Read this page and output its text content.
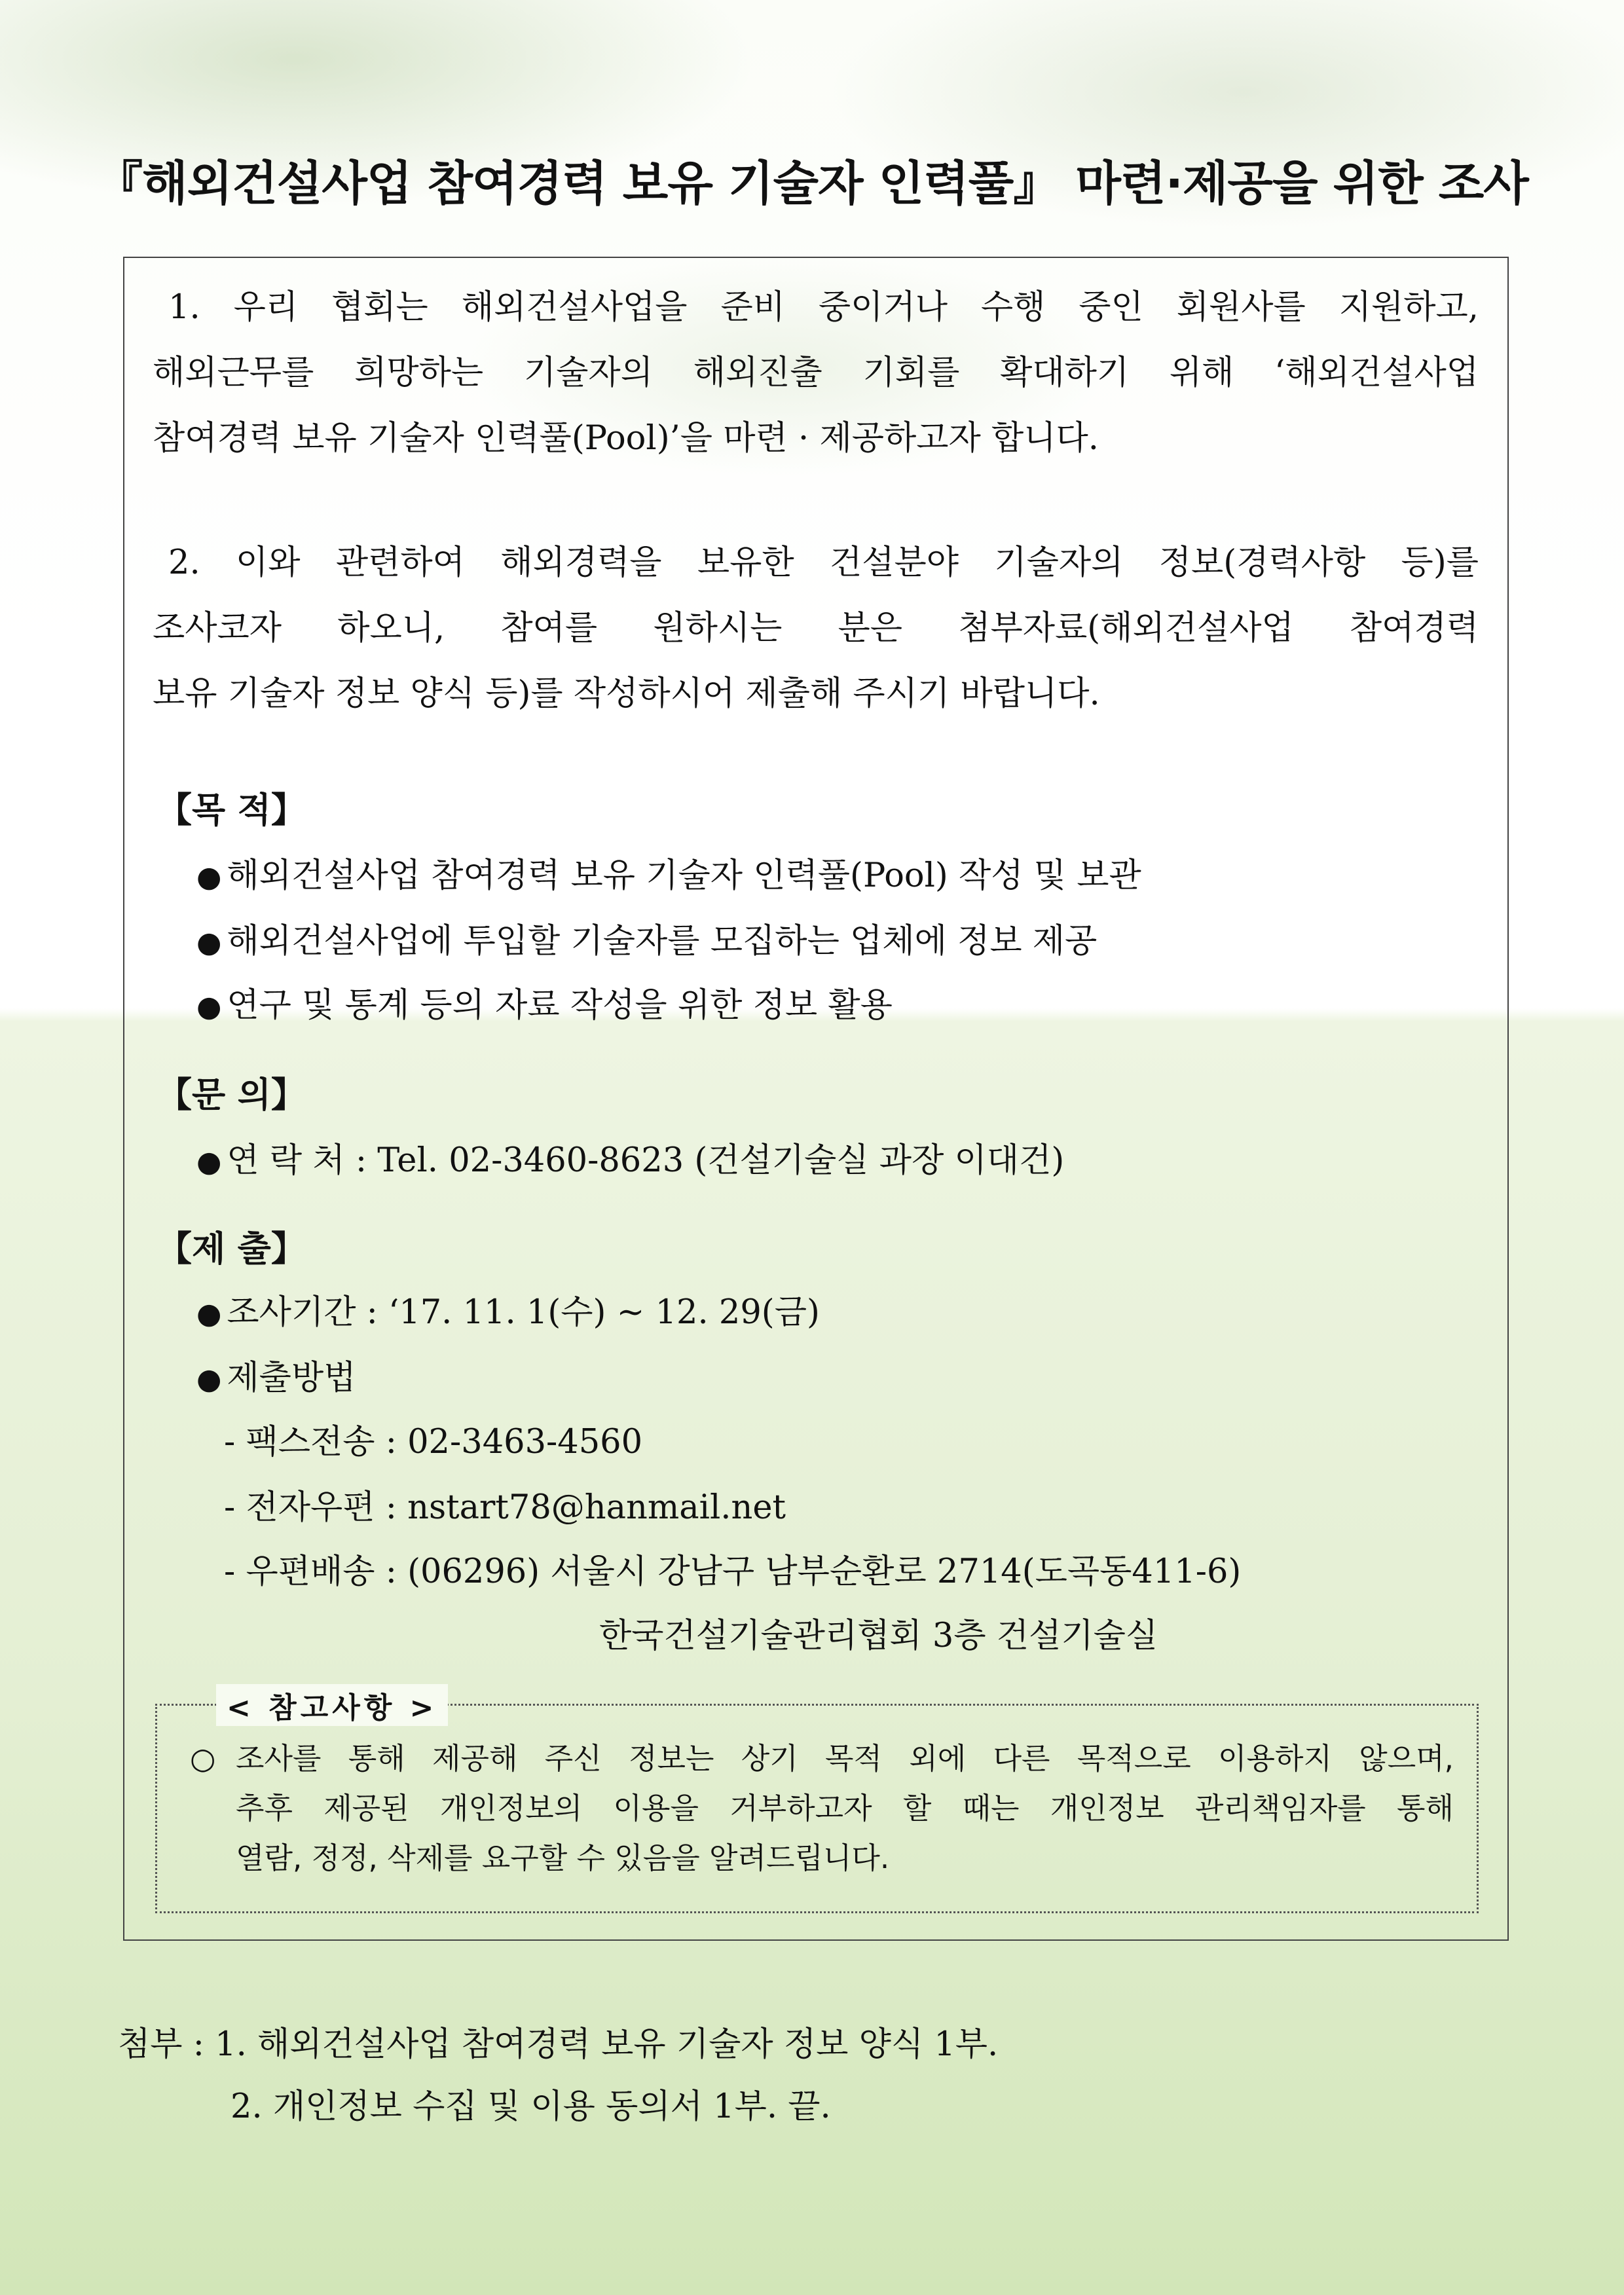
『해외건설사업 참여경력 보유 기술자 인력풀』 마련·제공을 위한 조사

1. 우리 협회는 해외건설사업을 준비 중이거나 수행 중인 회원사를 지원하고,
해외근무를 희망하는 기술자의 해외진출 기회를 확대하기 위해 ‘해외건설사업
참여경력 보유 기술자 인력풀(Pool)’을 마련 · 제공하고자 합니다.

2. 이와 관련하여 해외경력을 보유한 건설분야 기술자의 정보(경력사항 등)를
조사코자 하오니, 참여를 원하시는 분은 첨부자료(해외건설사업 참여경력
보유 기술자 정보 양식 등)를 작성하시어 제출해 주시기 바랍니다.

【목 적】

● 해외건설사업 참여경력 보유 기술자 인력풀(Pool) 작성 및 보관

● 해외건설사업에 투입할 기술자를 모집하는 업체에 정보 제공

● 연구 및 통계 등의 자료 작성을 위한 정보 활용

【문 의】

● 연 락 처 : Tel. 02-3460-8623 (건설기술실 과장 이대건)

【제 출】

● 조사기간 : ‘17. 11. 1(수) ~ 12. 29(금)

● 제출방법

- 팩스전송 : 02-3463-4560

- 전자우편 : nstart78@hanmail.net

- 우편배송 : (06296) 서울시 강남구 남부순환로 2714(도곡동411-6)

한국건설기술관리협회 3층 건설기술실

< 참고사항 >

○ 조사를 통해 제공해 주신 정보는 상기 목적 외에 다른 목적으로 이용하지 않으며,
추후 제공된 개인정보의 이용을 거부하고자 할 때는 개인정보 관리책임자를 통해
열람, 정정, 삭제를 요구할 수 있음을 알려드립니다.

첨부 : 1. 해외건설사업 참여경력 보유 기술자 정보 양식 1부.

2. 개인정보 수집 및 이용 동의서 1부. 끝.
